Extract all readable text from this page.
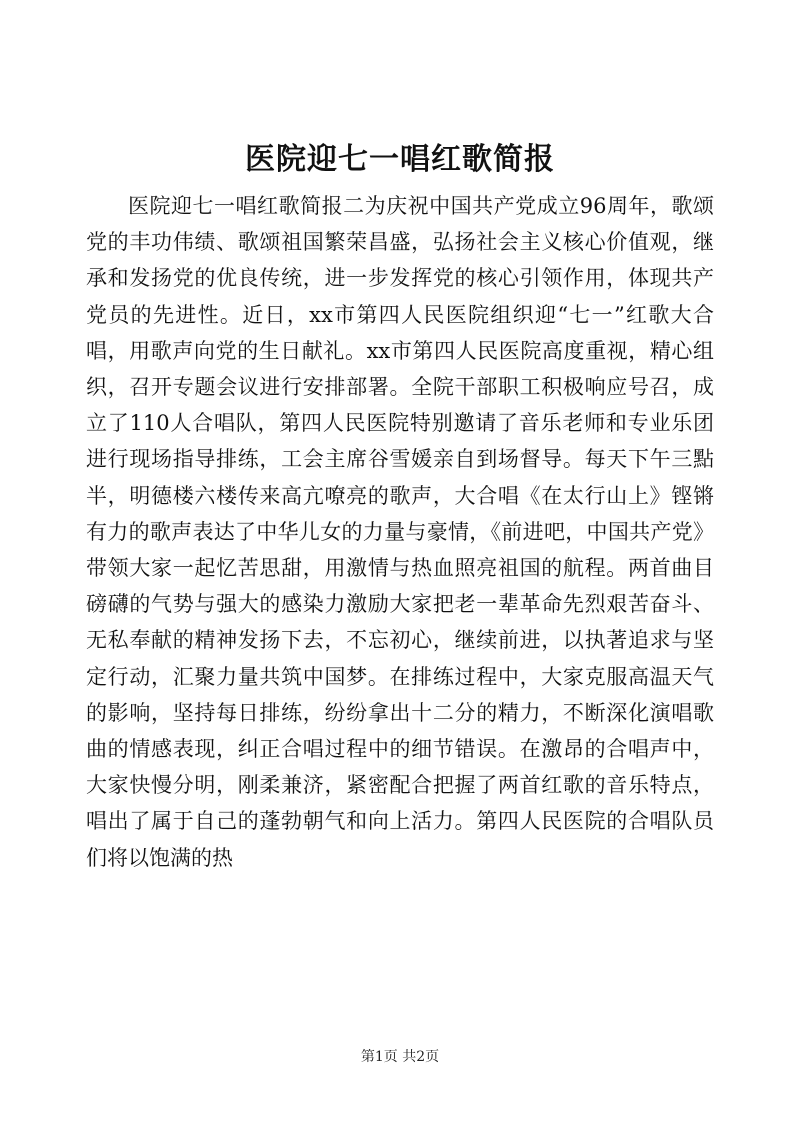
医院迎七一唱红歌简报

医院迎七一唱红歌简报二为庆祝中国共产党成立96周年，歌颂党的丰功伟绩、歌颂祖国繁荣昌盛，弘扬社会主义核心价值观，继承和发扬党的优良传统，进一步发挥党的核心引领作用，体现共产党员的先进性。近日，xx市第四人民医院组织迎“七一”红歌大合唱，用歌声向党的生日献礼。xx市第四人民医院高度重视，精心组织，召开专题会议进行安排部署。全院干部职工积极响应号召，成立了110人合唱队，第四人民医院特别邀请了音乐老师和专业乐团进行现场指导排练，工会主席谷雪媛亲自到场督导。每天下午三點半，明德楼六楼传来高亢嘹亮的歌声，大合唱《在太行山上》铿锵有力的歌声表达了中华儿女的力量与豪情，《前进吧，中国共产党》带领大家一起忆苦思甜，用激情与热血照亮祖国的航程。两首曲目磅礴的气势与强大的感染力激励大家把老一辈革命先烈艰苦奋斗、无私奉献的精神发扬下去，不忘初心，继续前进，以执著追求与坚定行动，汇聚力量共筑中国梦。在排练过程中，大家克服高温天气的影响，坚持每日排练，纷纷拿出十二分的精力，不断深化演唱歌曲的情感表现，纠正合唱过程中的细节错误。在激昂的合唱声中，大家快慢分明，刚柔兼济，紧密配合把握了两首红歌的音乐特点，唱出了属于自己的蓬勃朝气和向上活力。第四人民医院的合唱队员们将以饱满的热

第1页 共2页
